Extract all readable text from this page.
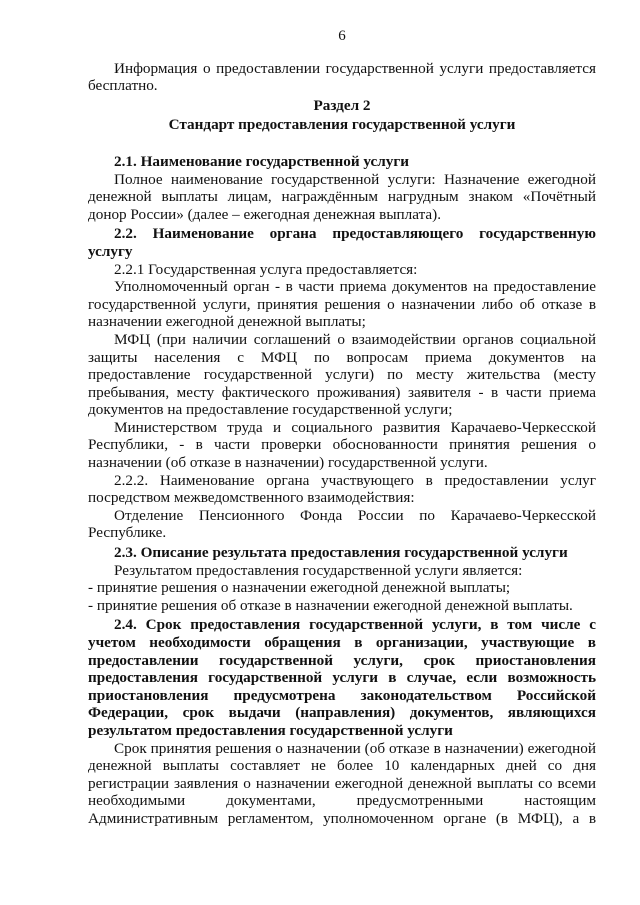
6

Информация о предоставлении государственной услуги предоставляется бесплатно.

Раздел 2

Стандарт предоставления государственной услуги

2.1. Наименование государственной услуги

Полное наименование государственной услуги: Назначение ежегодной денежной выплаты лицам, награждённым нагрудным знаком «Почётный донор России» (далее – ежегодная денежная выплата).

2.2. Наименование органа предоставляющего государственную услугу

2.2.1 Государственная услуга предоставляется:

Уполномоченный орган - в части приема документов на предоставление государственной услуги, принятия решения о назначении либо об отказе в назначении ежегодной денежной выплаты;

МФЦ (при наличии соглашений о взаимодействии органов социальной защиты населения с МФЦ по вопросам приема документов на предоставление государственной услуги) по месту жительства (месту пребывания, месту фактического проживания) заявителя - в части приема документов на предоставление государственной услуги;

Министерством труда и социального развития Карачаево-Черкесской Республики, - в части проверки обоснованности принятия решения о назначении (об отказе в назначении) государственной услуги.

2.2.2. Наименование органа участвующего в предоставлении услуг посредством межведомственного взаимодействия:

Отделение Пенсионного Фонда России по Карачаево-Черкесской Республике.

2.3. Описание результата предоставления государственной услуги

Результатом предоставления государственной услуги является:

- принятие решения о назначении ежегодной денежной выплаты;

- принятие решения об отказе в назначении ежегодной денежной выплаты.

2.4. Срок предоставления государственной услуги, в том числе с учетом необходимости обращения в организации, участвующие в предоставлении государственной услуги, срок приостановления предоставления государственной услуги в случае, если возможность приостановления предусмотрена законодательством Российской Федерации, срок выдачи (направления) документов, являющихся результатом предоставления государственной услуги

Срок принятия решения о назначении (об отказе в назначении) ежегодной денежной выплаты составляет не более 10 календарных дней со дня регистрации заявления о назначении ежегодной денежной выплаты со всеми необходимыми документами, предусмотренными настоящим Административным регламентом, уполномоченном органе (в МФЦ), а в
